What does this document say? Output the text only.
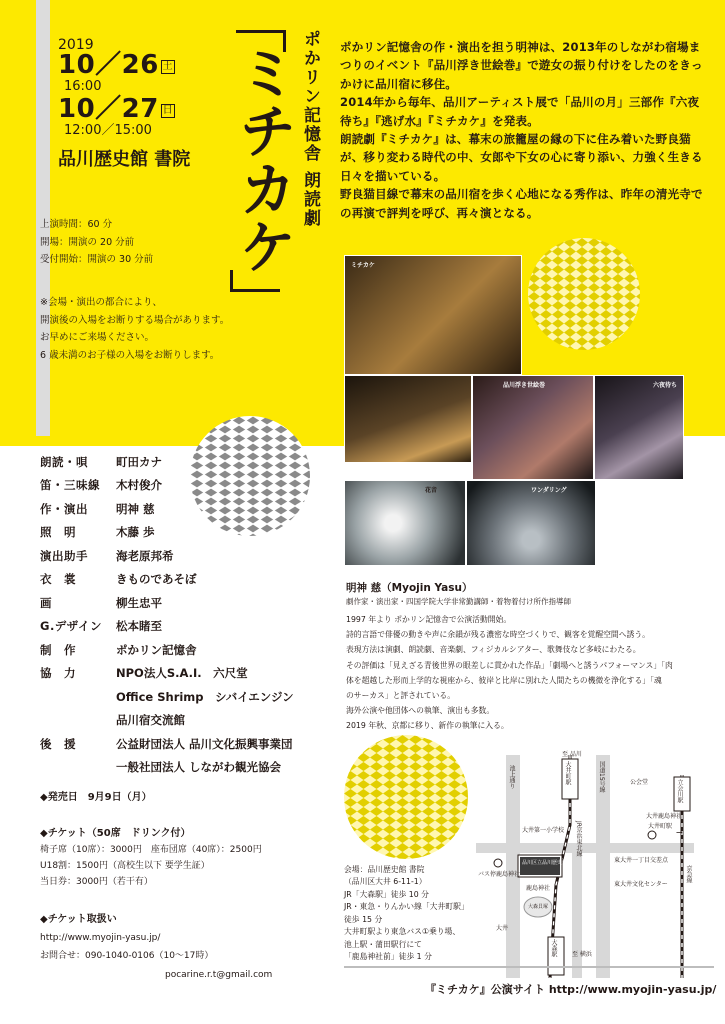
2019
10／26 土
16:00
10／27 日
12:00／15:00
品川歴史館 書院
上演時間：60 分
開場：開演の 20 分前
受付開始：開演の 30 分前
※会場・演出の都合により、
開演後の入場をお断りする場合があります。
お早めにご来場ください。
6 歳未満のお子様の入場をお断りします。
ポかリン記憶舎 朗読劇
ミチカケ	ポかリン記憶舎の作・演出を担う明神は、2013年のしながわ宿場まつりのイベント『品川浮き世絵巻』で遊女の振り付けをしたのをきっかけに品川宿に移住。

2014年から毎年、品川アーティスト展で「品川の月」三部作『六夜待ち』『逃げ水』『ミチカケ』を発表。

朗読劇『ミチカケ』は、幕末の旅籠屋の縁の下に住み着いた野良猫が、移り変わる時代の中、女郎や下女の心に寄り添い、力強く生きる日々を描いている。

野良猫目線で幕末の品川宿を歩く心地になる秀作は、昨年の清光寺での再演で評判を呼び、再々演となる。

ミチカケ
品川浮き世絵巻	六夜待ち
花音	ワンダリング
朗読・唄	町田カナ
笛・三味線	木村俊介
作・演出	明神 慈
照　明	木藤 歩
演出助手	海老原邦希
衣　裳	きものであそぼ
画	柳生忠平
G.デザイン	松本睹至
制　作	ポかリン記憶舎
協　力	NPO法人S.A.I.　六尺堂
Office Shrimp　シバイエンジン
品川宿交流館
後　援	公益財団法人 品川文化振興事業団
一般社団法人 しながわ観光協会
◆発売日　9月9日（月）
◆チケット（50席　ドリンク付）
椅子席（10席）：3000円　座布団席（40席）：2500円
U18割：1500円（高校生以下 要学生証）
当日券：3000円（若干有）
◆チケット取扱い
http://www.myojin-yasu.jp/
お問合せ：090-1040-0106（10～17時）
pocarine.r.t@gmail.com
明神 慈（Myojin Yasu）
劇作家・演出家・四国学院大学非常勤講師・着物着付け所作指導師
1997 年より ポかリン記憶舎で公演活動開始。
詩的言語で俳優の動きや声に余韻が残る濃密な時空づくりで、観客を覚醒空間へ誘う。
表現方法は演劇、朗読劇、音楽劇、フィジカルシアター、歌舞伎など多岐にわたる。
その評価は「見えざる青後世界の眼差しに貫かれた作品」「劇場へと誘うパフォーマンス」「肉
体を超越した形而上学的な視座から、彼岸と比岸に別れた人間たちの機微を浄化する」「魂
のサーカス」と評されている。
海外公演や他団体への執筆、演出も多数。
2019 年秋、京都に移り、新作の執筆に入る。
→
至 品川
大井町駅
池上通り	国道15号線	立会川駅
大井第一小学校 JR京浜東北線
品川区立品川歴史館
鹿島神社
大森貝塚
バス停鹿島神社
大井
大森駅	至 横浜
大井町駅
京急線
大井鹿島神社
公会堂
東大井一丁目交差点
東大井文化センター
会場：品川歴史館 書院
（品川区大井 6-11-1）
JR「大森駅」徒歩 10 分
JR・東急・りんかい線「大井町駅」
徒歩 15 分
大井町駅より東急バス①乗り場、
池上駅・蒲田駅行にて
「鹿島神社前」徒歩 1 分
『ミチカケ』公演サイト http://www.myojin-yasu.jp/
